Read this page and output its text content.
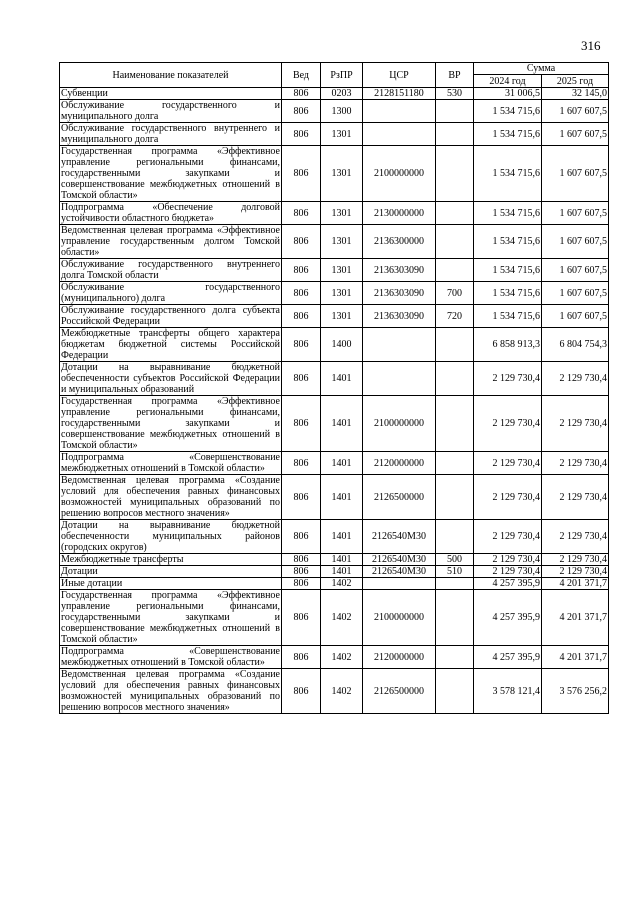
316
Наименование показателей	Вед	РзПР	ЦСР	ВР	Сумма	
					2024 год	2025 год
Субвенции	806	0203	2128151180	530	31 006,5	32 145,0
Обслуживание государственного и муниципального долга	806	1300			1 534 715,6	1 607 607,5
Обслуживание государственного внутреннего и муниципального долга	806	1301			1 534 715,6	1 607 607,5
Государственная программа «Эффективное управление региональными финансами, государственными закупками и совершенствование межбюджетных отношений в Томской области»	806	1301	2100000000		1 534 715,6	1 607 607,5
Подпрограмма «Обеспечение долговой устойчивости областного бюджета»	806	1301	2130000000		1 534 715,6	1 607 607,5
Ведомственная целевая программа «Эффективное управление государственным долгом Томской области»	806	1301	2136300000		1 534 715,6	1 607 607,5
Обслуживание государственного внутреннего долга Томской области	806	1301	2136303090		1 534 715,6	1 607 607,5
Обслуживание государственного (муниципального) долга	806	1301	2136303090	700	1 534 715,6	1 607 607,5
Обслуживание государственного долга субъекта Российской Федерации	806	1301	2136303090	720	1 534 715,6	1 607 607,5
Межбюджетные трансферты общего характера бюджетам бюджетной системы Российской Федерации	806	1400			6 858 913,3	6 804 754,3
Дотации на выравнивание бюджетной обеспеченности субъектов Российской Федерации и муниципальных образований	806	1401			2 129 730,4	2 129 730,4
Государственная программа «Эффективное управление региональными финансами, государственными закупками и совершенствование межбюджетных отношений в Томской области»	806	1401	2100000000		2 129 730,4	2 129 730,4
Подпрограмма «Совершенствование межбюджетных отношений в Томской области»	806	1401	2120000000		2 129 730,4	2 129 730,4
Ведомственная целевая программа «Создание условий для обеспечения равных финансовых возможностей муниципальных образований по решению вопросов местного значения»	806	1401	2126500000		2 129 730,4	2 129 730,4
Дотации на выравнивание бюджетной обеспеченности муниципальных районов (городских округов)	806	1401	2126540М30		2 129 730,4	2 129 730,4
Межбюджетные трансферты	806	1401	2126540М30	500	2 129 730,4	2 129 730,4
Дотации	806	1401	2126540М30	510	2 129 730,4	2 129 730,4
Иные дотации	806	1402			4 257 395,9	4 201 371,7
Государственная программа «Эффективное управление региональными финансами, государственными закупками и совершенствование межбюджетных отношений в Томской области»	806	1402	2100000000		4 257 395,9	4 201 371,7
Подпрограмма «Совершенствование межбюджетных отношений в Томской области»	806	1402	2120000000		4 257 395,9	4 201 371,7
Ведомственная целевая программа «Создание условий для обеспечения равных финансовых возможностей муниципальных образований по решению вопросов местного значения»	806	1402	2126500000		3 578 121,4	3 576 256,2
